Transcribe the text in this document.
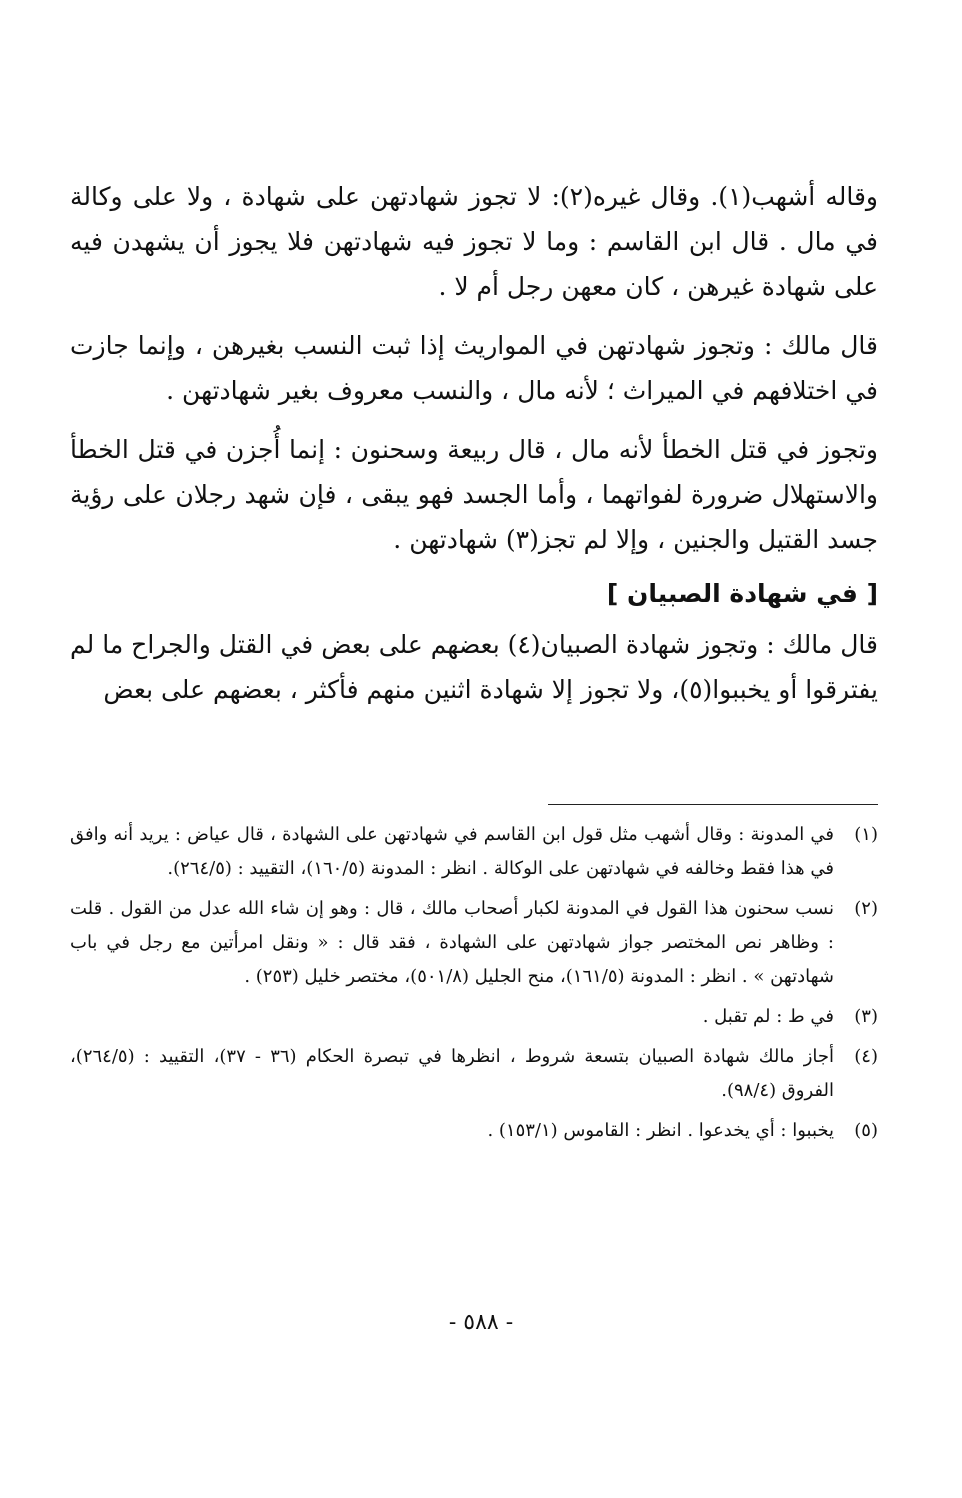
وقاله أشهب(١). وقال غيره(٢): لا تجوز شهادتهن على شهادة ، ولا على وكالة في مال . قال ابن القاسم : وما لا تجوز فيه شهادتهن فلا يجوز أن يشهدن فيه على شهادة غيرهن ، كان معهن رجل أم لا .

قال مالك : وتجوز شهادتهن في المواريث إذا ثبت النسب بغيرهن ، وإنما جازت في اختلافهم في الميراث ؛ لأنه مال ، والنسب معروف بغير شهادتهن .

وتجوز في قتل الخطأ لأنه مال ، قال ربيعة وسحنون : إنما أُجزن في قتل الخطأ والاستهلال ضرورة لفواتهما ، وأما الجسد فهو يبقى ، فإن شهد رجلان على رؤية جسد القتيل والجنين ، وإلا لم تجز(٣) شهادتهن .

[ في شهادة الصبيان ]

قال مالك : وتجوز شهادة الصبيان(٤) بعضهم على بعض في القتل والجراح ما لم يفترقوا أو يخببوا(٥)، ولا تجوز إلا شهادة اثنين منهم فأكثر ، بعضهم على بعض

(١)
في المدونة : وقال أشهب مثل قول ابن القاسم في شهادتهن على الشهادة ، قال عياض : يريد أنه وافق في هذا فقط وخالفه في شهادتهن على الوكالة . انظر : المدونة (١٦٠/٥)، التقييد : (٢٦٤/٥).
(٢)
نسب سحنون هذا القول في المدونة لكبار أصحاب مالك ، قال : وهو إن شاء الله عدل من القول . قلت : وظاهر نص المختصر جواز شهادتهن على الشهادة ، فقد قال : « ونقل امرأتين مع رجل في باب شهادتهن » . انظر : المدونة (١٦١/٥)، منح الجليل (٥٠١/٨)، مختصر خليل (٢٥٣) .
(٣)
في ط : لم تقبل .
(٤)
أجاز مالك شهادة الصبيان بتسعة شروط ، انظرها في تبصرة الحكام (٣٦ - ٣٧)، التقييد : (٢٦٤/٥)، الفروق (٩٨/٤).
(٥)
يخببوا : أي يخدعوا . انظر : القاموس (١٥٣/١) .
- ٥٨٨ -
